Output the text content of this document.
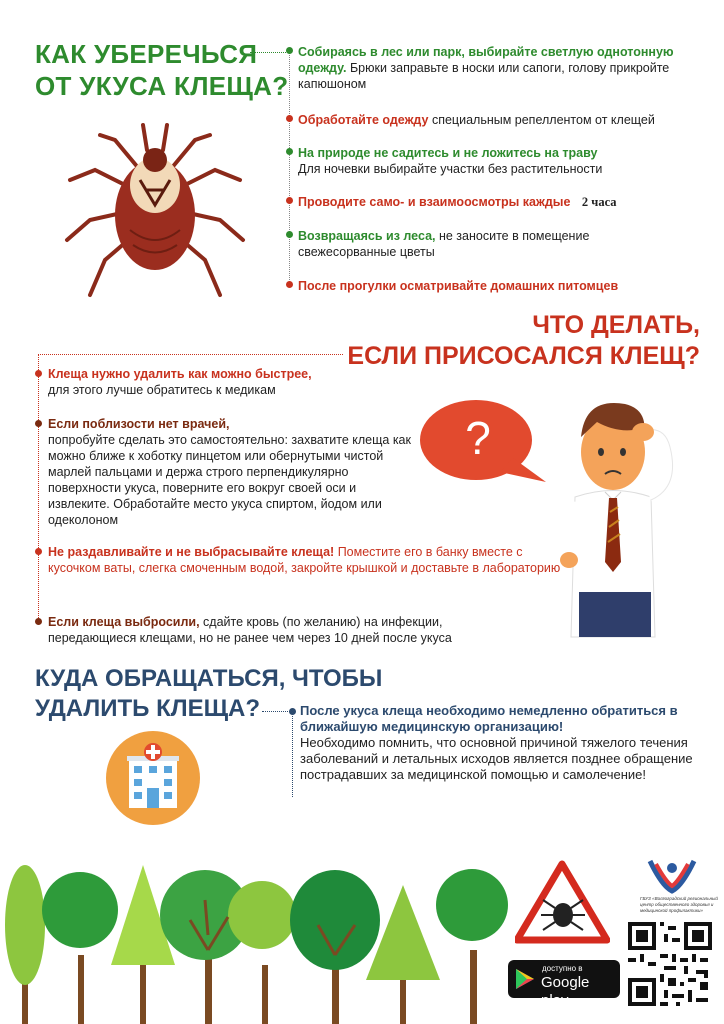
КАК УБЕРЕЧЬСЯ
ОТ УКУСА КЛЕЩА?
Собираясь в лес или парк, выбирайте светлую однотонную одежду. Брюки заправьте в носки или сапоги, голову прикройте капюшоном
Обработайте одежду специальным репеллентом от клещей
На природе не садитесь и не ложитесь на траву
Для ночевки выбирайте участки без растительности
Проводите само- и взаимоосмотры каждые 2 часа
Возвращаясь из леса, не заносите в помещение свежесорванные цветы
После прогулки осматривайте домашних питомцев
ЧТО ДЕЛАТЬ,
ЕСЛИ ПРИСОСАЛСЯ КЛЕЩ?
Клеща нужно удалить как можно быстрее,
для этого лучше обратитесь к медикам
Если поблизости нет врачей,
попробуйте сделать это самостоятельно: захватите клеща как можно ближе к хоботку пинцетом или обернутыми чистой марлей пальцами и держа строго перпендикулярно поверхности укуса, поверните его вокруг своей оси и извлеките. Обработайте место укуса спиртом, йодом или одеколоном
Не раздавливайте и не выбрасывайте клеща! Поместите его в банку вместе с кусочком ваты, слегка смоченным водой, закройте крышкой и доставьте в лабораторию
Если клеща выбросили, сдайте кровь (по желанию) на инфекции, передающиеся клещами, но не ранее чем через 10 дней после укуса
?
КУДА ОБРАЩАТЬСЯ, ЧТОБЫ
УДАЛИТЬ КЛЕЩА?	После укуса клеща необходимо немедленно обратиться в ближайшую медицинскую организацию!
Необходимо помнить, что основной причиной тяжелого течения заболеваний и летальных исходов является позднее обращение пострадавших за медицинской помощью и самолечение!
доступно в
Google play
ГБУЗ «Волгоградский региональный центр общественного здоровья и медицинской профилактики»
